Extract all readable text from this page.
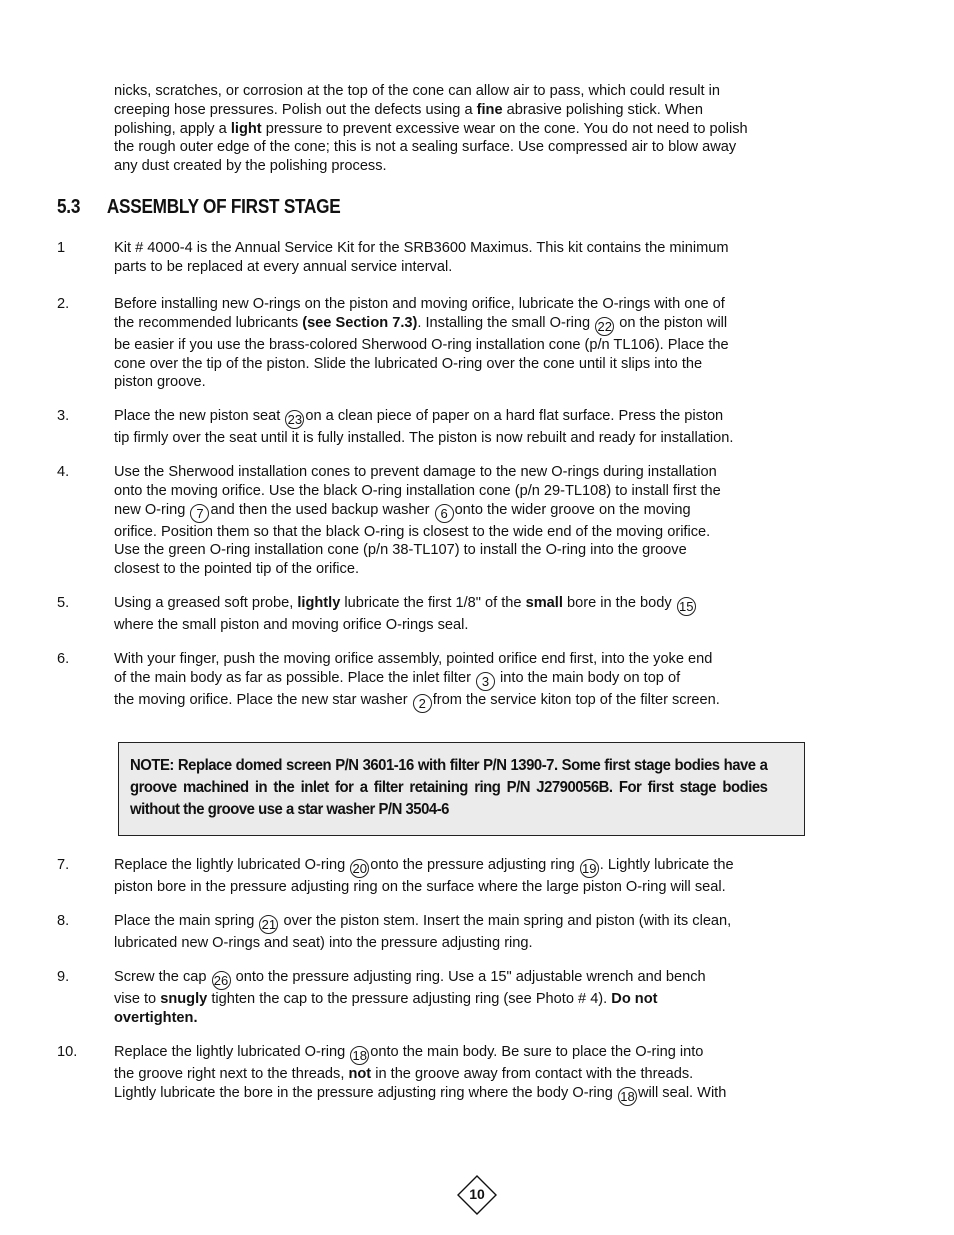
nicks, scratches, or corrosion at the top of the cone can allow air to pass, which could result in
creeping hose pressures. Polish out the defects using a fine abrasive polishing stick. When
polishing, apply a light pressure to prevent excessive wear on the cone. You do not need to polish
the rough outer edge of the cone; this is not a sealing surface. Use compressed air to blow away
any dust created by the polishing process.
5.3 ASSEMBLY OF FIRST STAGE
1	Kit # 4000-4 is the Annual Service Kit for the SRB3600 Maximus. This kit contains the minimum
parts to be replaced at every annual service interval.
2.	Before installing new O-rings on the piston and moving orifice, lubricate the O-rings with one of
the recommended lubricants (see Section 7.3). Installing the small O-ring 22 on the piston will
be easier if you use the brass-colored Sherwood O-ring installation cone (p/n TL106). Place the
cone over the tip of the piston. Slide the lubricated O-ring over the cone until it slips into the
piston groove.
3.	Place the new piston seat 23 on a clean piece of paper on a hard flat surface. Press the piston
tip firmly over the seat until it is fully installed. The piston is now rebuilt and ready for installation.
4.	Use the Sherwood installation cones to prevent damage to the new O-rings during installation
onto the moving orifice. Use the black O-ring installation cone (p/n 29-TL108) to install first the
new O-ring 7 and then the used backup washer 6 onto the wider groove on the moving
orifice. Position them so that the black O-ring is closest to the wide end of the moving orifice.
Use the green O-ring installation cone (p/n 38-TL107) to install the O-ring into the groove
closest to the pointed tip of the orifice.
5.	Using a greased soft probe, lightly lubricate the first 1/8" of the small bore in the body 15
where the small piston and moving orifice O-rings seal.
6.	With your finger, push the moving orifice assembly, pointed orifice end first, into the yoke end
of the main body as far as possible. Place the inlet filter 3 into the main body on top of
the moving orifice. Place the new star washer 2 from the service kiton top of the filter screen.

NOTE: Replace domed screen P/N 3601-16 with filter P/N 1390-7. Some first stage bodies have a groove machined in the inlet for a filter retaining ring P/N J2790056B. For first stage bodies without the groove use a star washer P/N 3504-6

7.	Replace the lightly lubricated O-ring 20 onto the pressure adjusting ring 19 . Lightly lubricate the
piston bore in the pressure adjusting ring on the surface where the large piston O-ring will seal.
8.	Place the main spring 21 over the piston stem. Insert the main spring and piston (with its clean,
lubricated new O-rings and seat) into the pressure adjusting ring.
9.	Screw the cap 26 onto the pressure adjusting ring. Use a 15" adjustable wrench and bench
vise to snugly tighten the cap to the pressure adjusting ring (see Photo # 4). Do not
overtighten.
10.	Replace the lightly lubricated O-ring 18 onto the main body. Be sure to place the O-ring into
the groove right next to the threads, not in the groove away from contact with the threads.
Lightly lubricate the bore in the pressure adjusting ring where the body O-ring 18 will seal. With
10
